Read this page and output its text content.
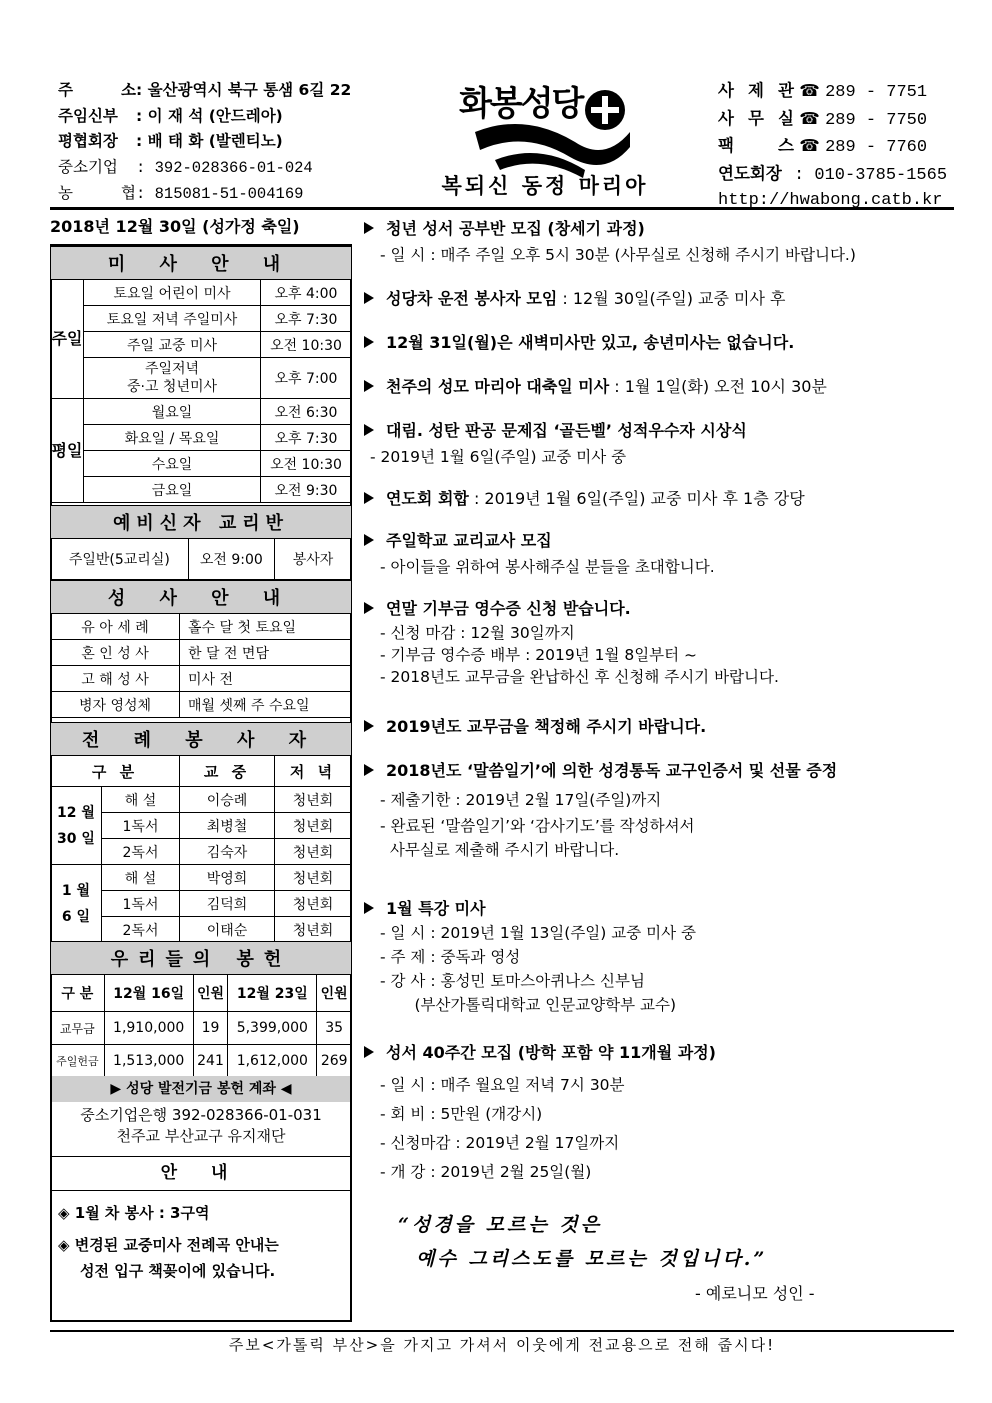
주 소: 울산광역시 북구 통샘 6길 22
주임신부 : 이 재 석 (안드레아)
평협회장 : 배 태 화 (발렌티노)
중소기업 : 392-028366-01-024
농 협: 815081-51-004169
화봉성당
복되신 동정 마리아
사 제 관 ☎ 289 - 7751
사 무 실 ☎ 289 - 7750
팩 스 ☎ 289 - 7760
연도회장 : 010-3785-1565
http://hwabong.catb.kr
2018년 12월 30일 (성가정 축일)
미 사 안 내		
주일	토요일 어린이 미사	오후 4:00
	토요일 저녁 주일미사	오후 7:30
	주일 교중 미사	오전 10:30
	주일저녁
중·고 청년미사	오후 7:00
평일	월요일	오전 6:30
	화요일 / 목요일	오후 7:30
	수요일	오전 10:30
	금요일	오전 9:30
예비신자 교리반
주일반(5교리실)	오전 9:00	봉사자
성 사 안 내	
유 아 세 례	홀수 달 첫 토요일
혼 인 성 사	한 달 전 면담
고 해 성 사	미사 전
병자 영성체	매월 셋째 주 수요일
전 례 봉 사 자			
구 분		교 중	저 녁
12 월
30 일	해 설	이승례	청년회
	1독서	최병철	청년회
	2독서	김숙자	청년회
1 월
6 일	해 설	박영희	청년회
	1독서	김덕희	청년회
	2독서	이태순	청년회
우리들의 봉헌				
구 분	12월 16일	인원	12월 23일	인원
교무금	1,910,000	19	5,399,000	35
주일헌금	1,513,000	241	1,612,000	269
▶ 성당 발전기금 봉헌 계좌 ◀
중소기업은행 392-028366-01-031
천주교 부산교구 유지재단
안 내
◈ 1월 차 봉사 : 3구역
◈ 변경된 교중미사 전례곡 안내는
성전 입구 책꽂이에 있습니다.
청년 성서 공부반 모집 (창세기 과정)
- 일 시 : 매주 주일 오후 5시 30분 (사무실로 신청해 주시기 바랍니다.)
성당차 운전 봉사자 모임 : 12월 30일(주일) 교중 미사 후
12월 31일(월)은 새벽미사만 있고, 송년미사는 없습니다.
천주의 성모 마리아 대축일 미사 : 1월 1일(화) 오전 10시 30분
대림. 성탄 판공 문제집 ‘골든벨’ 성적우수자 시상식
- 2019년 1월 6일(주일) 교중 미사 중
연도회 회합 : 2019년 1월 6일(주일) 교중 미사 후 1층 강당
주일학교 교리교사 모집
- 아이들을 위하여 봉사해주실 분들을 초대합니다.
연말 기부금 영수증 신청 받습니다.
- 신청 마감 : 12월 30일까지
- 기부금 영수증 배부 : 2019년 1월 8일부터 ~
- 2018년도 교무금을 완납하신 후 신청해 주시기 바랍니다.
2019년도 교무금을 책정해 주시기 바랍니다.
2018년도 ‘말씀일기’에 의한 성경통독 교구인증서 및 선물 증정
- 제출기한 : 2019년 2월 17일(주일)까지
- 완료된 ‘말씀일기’와 ‘감사기도’를 작성하셔서
사무실로 제출해 주시기 바랍니다.
1월 특강 미사
- 일 시 : 2019년 1월 13일(주일) 교중 미사 중
- 주 제 : 중독과 영성
- 강 사 : 홍성민 토마스아퀴나스 신부님
(부산가톨릭대학교 인문교양학부 교수)
성서 40주간 모집 (방학 포함 약 11개월 과정)
- 일 시 : 매주 월요일 저녁 7시 30분
- 회 비 : 5만원 (개강시)
- 신청마감 : 2019년 2월 17일까지
- 개 강 : 2019년 2월 25일(월)
“성경을 모르는 것은
예수 그리스도를 모르는 것입니다.”
- 예로니모 성인 -
주보<가톨릭 부산>을 가지고 가셔서 이웃에게 전교용으로 전해 줍시다!
